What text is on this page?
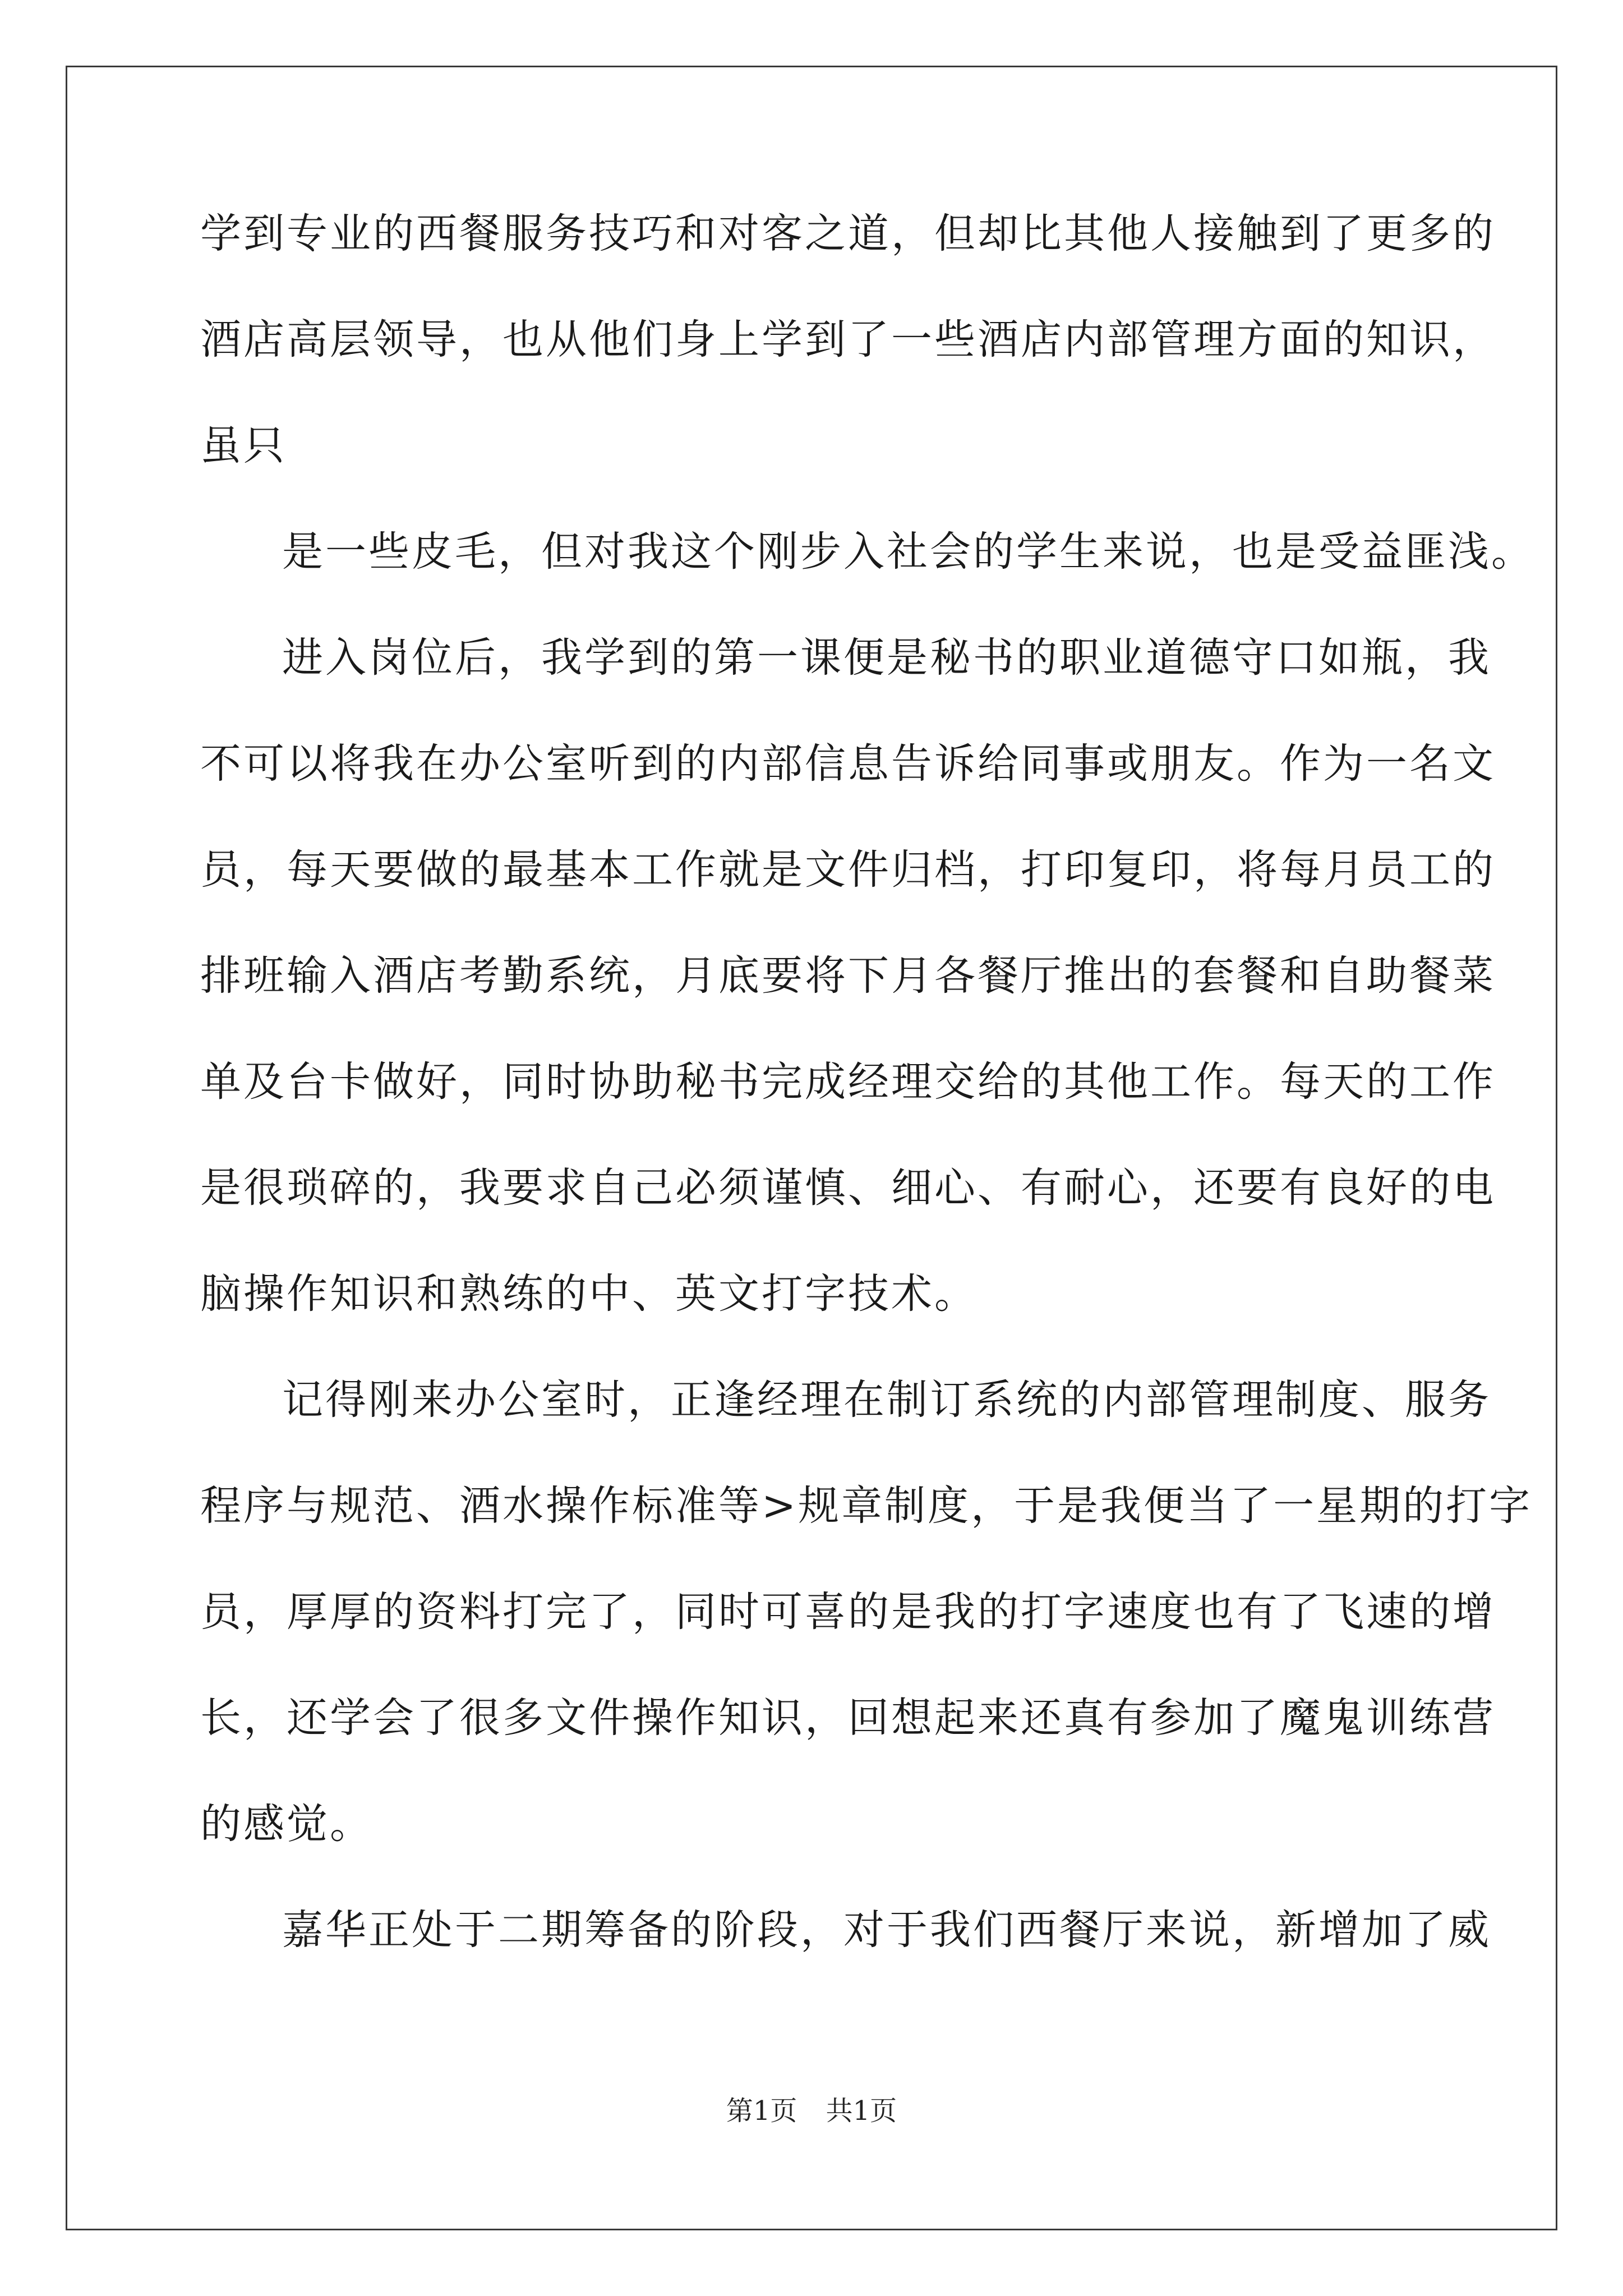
学到专业的西餐服务技巧和对客之道，但却比其他人接触到了更多的
酒店高层领导，也从他们身上学到了一些酒店内部管理方面的知识，
虽只
是一些皮毛，但对我这个刚步入社会的学生来说，也是受益匪浅。
进入岗位后，我学到的第一课便是秘书的职业道德守口如瓶，我
不可以将我在办公室听到的内部信息告诉给同事或朋友。作为一名文
员，每天要做的最基本工作就是文件归档，打印复印，将每月员工的
排班输入酒店考勤系统，月底要将下月各餐厅推出的套餐和自助餐菜
单及台卡做好，同时协助秘书完成经理交给的其他工作。每天的工作
是很琐碎的，我要求自己必须谨慎、细心、有耐心，还要有良好的电
脑操作知识和熟练的中、英文打字技术。
记得刚来办公室时，正逢经理在制订系统的内部管理制度、服务
程序与规范、酒水操作标准等>规章制度，于是我便当了一星期的打字
员，厚厚的资料打完了，同时可喜的是我的打字速度也有了飞速的增
长，还学会了很多文件操作知识，回想起来还真有参加了魔鬼训练营
的感觉。
嘉华正处于二期筹备的阶段，对于我们西餐厅来说，新增加了威
第1页 共1页
